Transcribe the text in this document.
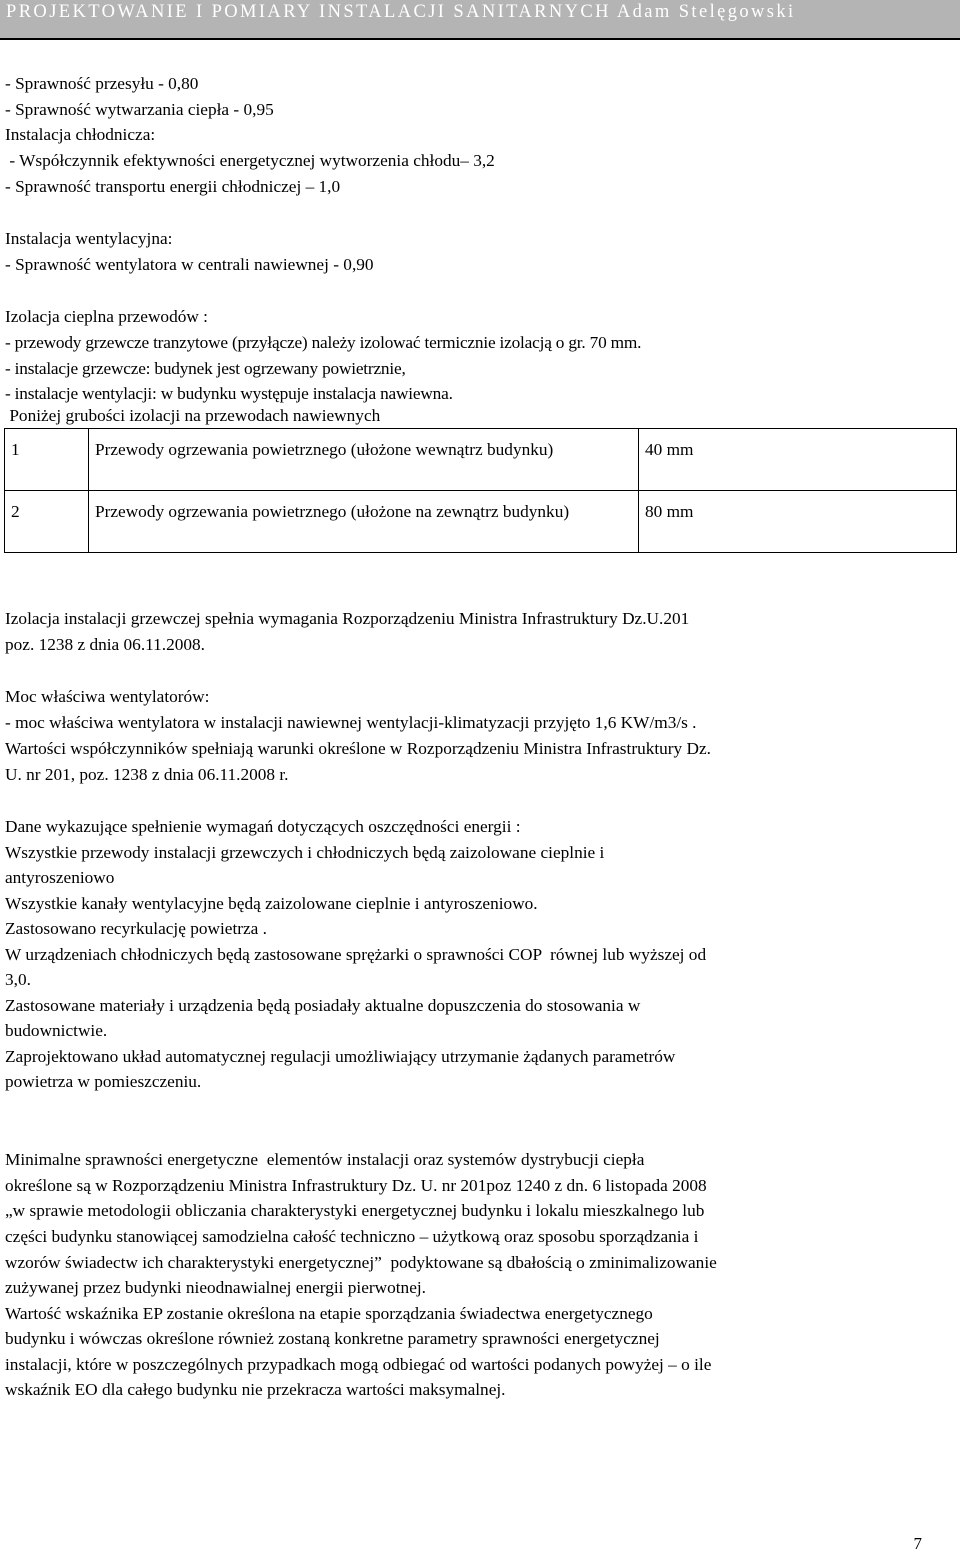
PROJEKTOWANIE I POMIARY INSTALACJI SANITARNYCH Adam Stelęgowski
- Sprawność przesyłu - 0,80
- Sprawność wytwarzania ciepła - 0,95
Instalacja chłodnicza:
- Współczynnik efektywności energetycznej wytworzenia chłodu– 3,2
- Sprawność transportu energii chłodniczej – 1,0
Instalacja wentylacyjna:
- Sprawność wentylatora w centrali nawiewnej - 0,90
Izolacja cieplna przewodów :
- przewody grzewcze tranzytowe (przyłącze) należy izolować termicznie izolacją o gr. 70 mm.
- instalacje grzewcze: budynek jest ogrzewany powietrznie,
- instalacje wentylacji: w budynku występuje instalacja nawiewna.
Poniżej grubości izolacji na przewodach nawiewnych
1	Przewody ogrzewania powietrznego (ułożone wewnątrz budynku)	40 mm
2	Przewody ogrzewania powietrznego (ułożone na zewnątrz budynku)	80 mm
Izolacja instalacji grzewczej spełnia wymagania Rozporządzeniu Ministra Infrastruktury Dz.U.201
poz. 1238 z dnia 06.11.2008.
Moc właściwa wentylatorów:
- moc właściwa wentylatora w instalacji nawiewnej wentylacji-klimatyzacji przyjęto 1,6 KW/m3/s .
Wartości współczynników spełniają warunki określone w Rozporządzeniu Ministra Infrastruktury Dz.
U. nr 201, poz. 1238 z dnia 06.11.2008 r.
Dane wykazujące spełnienie wymagań dotyczących oszczędności energii :
Wszystkie przewody instalacji grzewczych i chłodniczych będą zaizolowane cieplnie i
antyroszeniowo
Wszystkie kanały wentylacyjne będą zaizolowane cieplnie i antyroszeniowo.
Zastosowano recyrkulację powietrza .
W urządzeniach chłodniczych będą zastosowane sprężarki o sprawności COP  równej lub wyższej od
3,0.
Zastosowane materiały i urządzenia będą posiadały aktualne dopuszczenia do stosowania w
budownictwie.
Zaprojektowano układ automatycznej regulacji umożliwiający utrzymanie żądanych parametrów
powietrza w pomieszczeniu.
Minimalne sprawności energetyczne  elementów instalacji oraz systemów dystrybucji ciepła
określone są w Rozporządzeniu Ministra Infrastruktury Dz. U. nr 201poz 1240 z dn. 6 listopada 2008
„w sprawie metodologii obliczania charakterystyki energetycznej budynku i lokalu mieszkalnego lub
części budynku stanowiącej samodzielna całość techniczno – użytkową oraz sposobu sporządzania i
wzorów świadectw ich charakterystyki energetycznej”  podyktowane są dbałością o zminimalizowanie
zużywanej przez budynki nieodnawialnej energii pierwotnej.
Wartość wskaźnika EP zostanie określona na etapie sporządzania świadectwa energetycznego
budynku i wówczas określone również zostaną konkretne parametry sprawności energetycznej
instalacji, które w poszczególnych przypadkach mogą odbiegać od wartości podanych powyżej – o ile
wskaźnik EO dla całego budynku nie przekracza wartości maksymalnej.
7
